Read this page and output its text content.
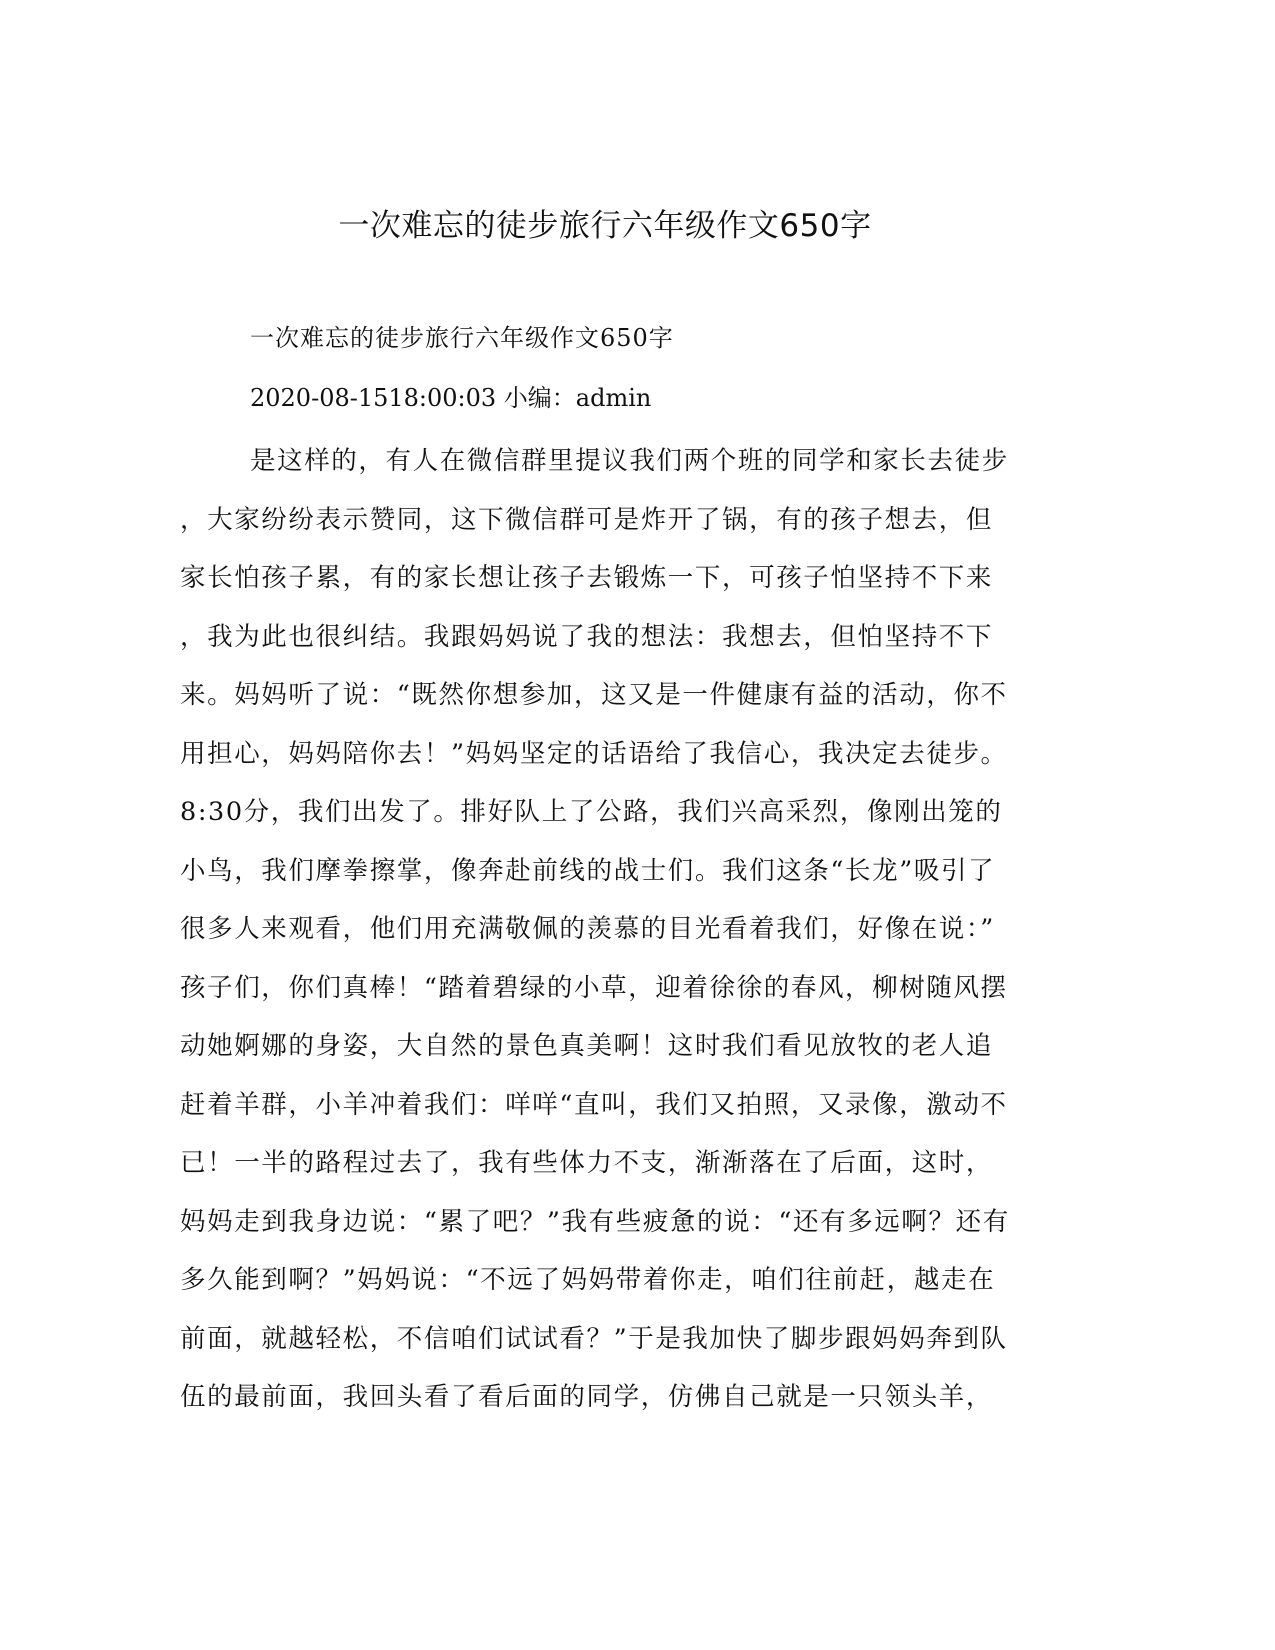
一次难忘的徒步旅行六年级作文650字
一次难忘的徒步旅行六年级作文650字
2020-08-1518:00:03 小编：admin
是这样的，有人在微信群里提议我们两个班的同学和家长去徒步
，大家纷纷表示赞同，这下微信群可是炸开了锅，有的孩子想去，但
家长怕孩子累，有的家长想让孩子去锻炼一下，可孩子怕坚持不下来
，我为此也很纠结。我跟妈妈说了我的想法：我想去，但怕坚持不下
来。妈妈听了说：“既然你想参加，这又是一件健康有益的活动，你不
用担心，妈妈陪你去！”妈妈坚定的话语给了我信心，我决定去徒步。
8:30分，我们出发了。排好队上了公路，我们兴高采烈，像刚出笼的
小鸟，我们摩拳擦掌，像奔赴前线的战士们。我们这条“长龙”吸引了
很多人来观看，他们用充满敬佩的羡慕的目光看着我们，好像在说：”
孩子们，你们真棒！“踏着碧绿的小草，迎着徐徐的春风，柳树随风摆
动她婀娜的身姿，大自然的景色真美啊！这时我们看见放牧的老人追
赶着羊群，小羊冲着我们：咩咩“直叫，我们又拍照，又录像，激动不
已！一半的路程过去了，我有些体力不支，渐渐落在了后面，这时，
妈妈走到我身边说：“累了吧？”我有些疲惫的说：“还有多远啊？还有
多久能到啊？”妈妈说：“不远了妈妈带着你走，咱们往前赶，越走在
前面，就越轻松，不信咱们试试看？”于是我加快了脚步跟妈妈奔到队
伍的最前面，我回头看了看后面的同学，仿佛自己就是一只领头羊，
